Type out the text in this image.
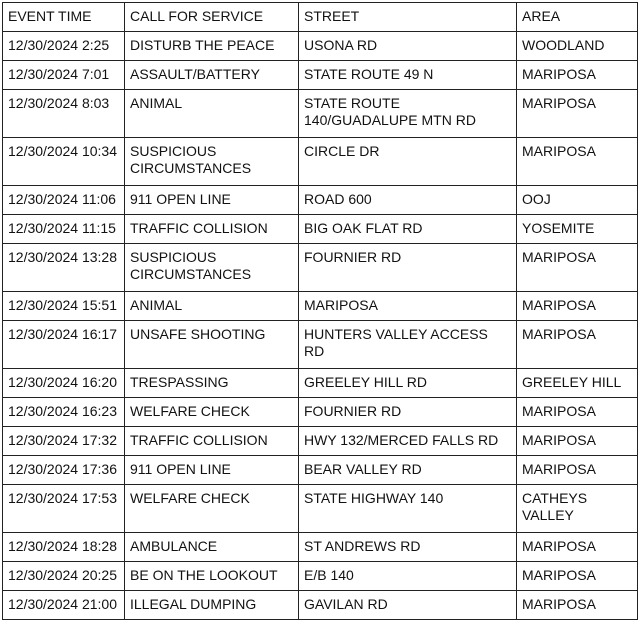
EVENT TIME	CALL FOR SERVICE	STREET	AREA
12/30/2024 2:25	DISTURB THE PEACE	USONA RD	WOODLAND
12/30/2024 7:01	ASSAULT/BATTERY	STATE ROUTE 49 N	MARIPOSA
12/30/2024 8:03	ANIMAL	STATE ROUTE 140/GUADALUPE MTN RD	MARIPOSA
12/30/2024 10:34	SUSPICIOUS CIRCUMSTANCES	CIRCLE DR	MARIPOSA
12/30/2024 11:06	911 OPEN LINE	ROAD 600	OOJ
12/30/2024 11:15	TRAFFIC COLLISION	BIG OAK FLAT RD	YOSEMITE
12/30/2024 13:28	SUSPICIOUS CIRCUMSTANCES	FOURNIER RD	MARIPOSA
12/30/2024 15:51	ANIMAL	MARIPOSA	MARIPOSA
12/30/2024 16:17	UNSAFE SHOOTING	HUNTERS VALLEY ACCESS RD	MARIPOSA
12/30/2024 16:20	TRESPASSING	GREELEY HILL RD	GREELEY HILL
12/30/2024 16:23	WELFARE CHECK	FOURNIER RD	MARIPOSA
12/30/2024 17:32	TRAFFIC COLLISION	HWY 132/MERCED FALLS RD	MARIPOSA
12/30/2024 17:36	911 OPEN LINE	BEAR VALLEY RD	MARIPOSA
12/30/2024 17:53	WELFARE CHECK	STATE HIGHWAY 140	CATHEYS VALLEY
12/30/2024 18:28	AMBULANCE	ST ANDREWS RD	MARIPOSA
12/30/2024 20:25	BE ON THE LOOKOUT	E/B 140	MARIPOSA
12/30/2024 21:00	ILLEGAL DUMPING	GAVILAN RD	MARIPOSA
